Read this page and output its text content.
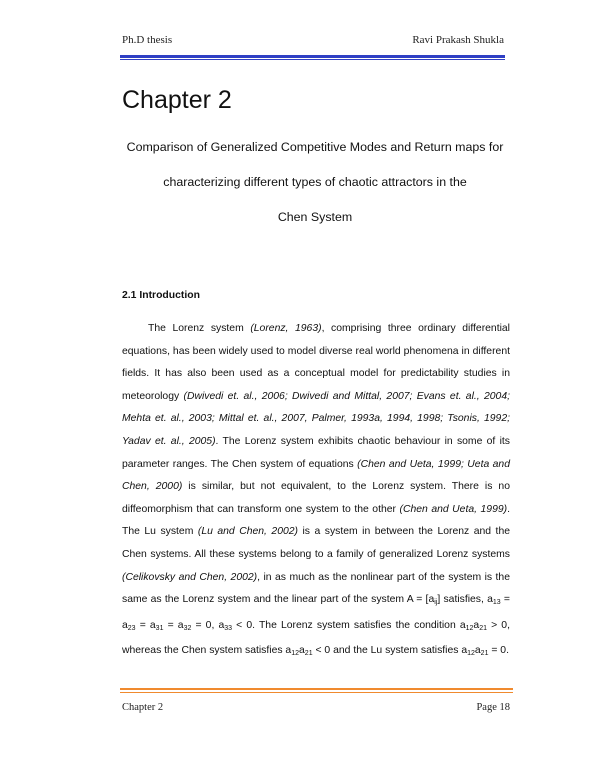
Ph.D thesis	Ravi Prakash Shukla
Chapter 2
Comparison of Generalized Competitive Modes and Return maps for
characterizing different types of chaotic attractors in the
Chen System
2.1 Introduction

The Lorenz system (Lorenz, 1963), comprising three ordinary differential equations, has been widely used to model diverse real world phenomena in different fields. It has also been used as a conceptual model for predictability studies in meteorology (Dwivedi et. al., 2006; Dwivedi and Mittal, 2007; Evans et. al., 2004; Mehta et. al., 2003; Mittal et. al., 2007, Palmer, 1993a, 1994, 1998; Tsonis, 1992; Yadav et. al., 2005). The Lorenz system exhibits chaotic behaviour in some of its parameter ranges. The Chen system of equations (Chen and Ueta, 1999; Ueta and Chen, 2000) is similar, but not equivalent, to the Lorenz system. There is no diffeomorphism that can transform one system to the other (Chen and Ueta, 1999). The Lu system (Lu and Chen, 2002) is a system in between the Lorenz and the Chen systems. All these systems belong to a family of generalized Lorenz systems (Celikovsky and Chen, 2002), in as much as the nonlinear part of the system is the same as the Lorenz system and the linear part of the system $A = [a_{ij}]$ satisfies, $a_{13} = a_{23} = a_{31} = a_{32} = 0$, $a_{33} < 0$. The Lorenz system satisfies the condition $a_{12}a_{21} > 0$, whereas the Chen system satisfies $a_{12}a_{21} < 0$ and the Lu system satisfies $a_{12}a_{21} = 0$.

Chapter 2	Page 18
